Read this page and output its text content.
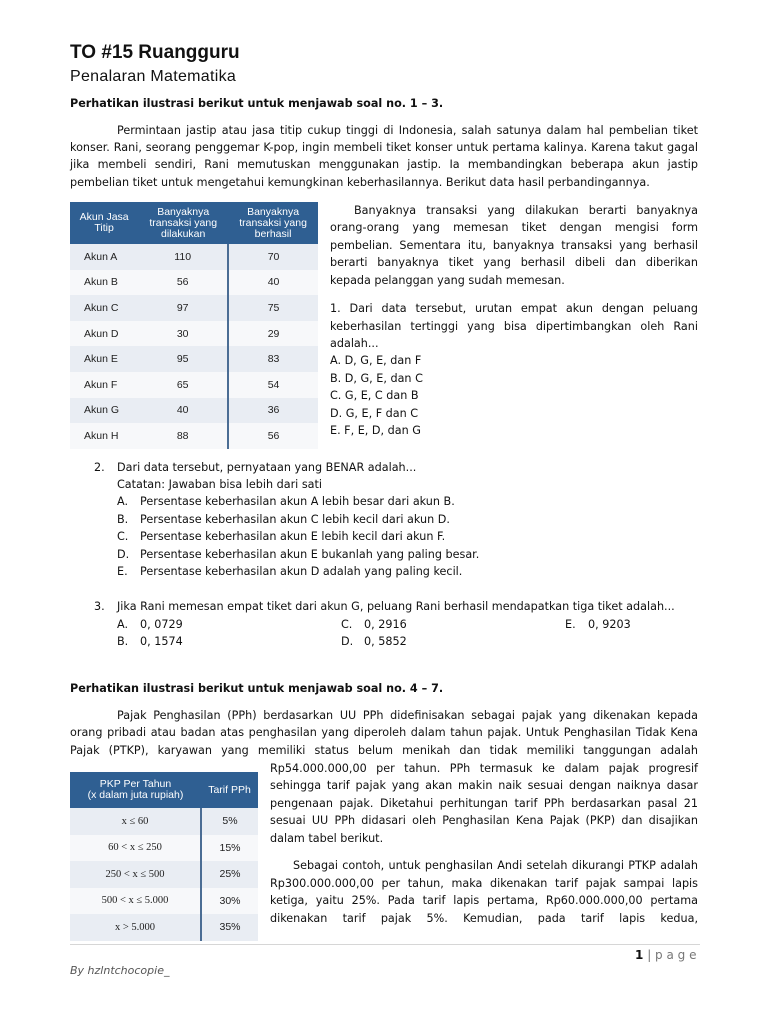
TO #15 Ruangguru
Penalaran Matematika
Perhatikan ilustrasi berikut untuk menjawab soal no. 1 – 3.
Permintaan jastip atau jasa titip cukup tinggi di Indonesia, salah satunya dalam hal pembelian tiket
konser. Rani, seorang penggemar K-pop, ingin membeli tiket konser untuk pertama kalinya. Karena takut gagal
jika membeli sendiri, Rani memutuskan menggunakan jastip. Ia membandingkan beberapa akun jastip
pembelian tiket untuk mengetahui kemungkinan keberhasilannya. Berikut data hasil perbandingannya.
Akun Jasa Titip	Banyaknya transaksi yang dilakukan	Banyaknya transaksi yang berhasil
Akun A	110	70
Akun B	56	40
Akun C	97	75
Akun D	30	29
Akun E	95	83
Akun F	65	54
Akun G	40	36
Akun H	88	56
Banyaknya transaksi yang dilakukan berarti banyaknya
orang-orang yang memesan tiket dengan mengisi form
pembelian. Sementara itu, banyaknya transaksi yang berhasil
berarti banyaknya tiket yang berhasil dibeli dan diberikan
kepada pelanggan yang sudah memesan.
1. Dari data tersebut, urutan empat akun dengan peluang
keberhasilan tertinggi yang bisa dipertimbangkan oleh Rani
adalah...
A. D, G, E, dan F
B. D, G, E, dan C
C. G, E, C dan B
D. G, E, F dan C
E. F, E, D, dan G
2. Dari data tersebut, pernyataan yang BENAR adalah...
Catatan: Jawaban bisa lebih dari sati
A. Persentase keberhasilan akun A lebih besar dari akun B.
B. Persentase keberhasilan akun C lebih kecil dari akun D.
C. Persentase keberhasilan akun E lebih kecil dari akun F.
D. Persentase keberhasilan akun E bukanlah yang paling besar.
E. Persentase keberhasilan akun D adalah yang paling kecil.
3. Jika Rani memesan empat tiket dari akun G, peluang Rani berhasil mendapatkan tiga tiket adalah...
A. 0, 0729
B. 0, 1574
C. 0, 2916
D. 0, 5852
E. 0, 9203
Perhatikan ilustrasi berikut untuk menjawab soal no. 4 – 7.
Pajak Penghasilan (PPh) berdasarkan UU PPh didefinisakan sebagai pajak yang dikenakan kepada
orang pribadi atau badan atas penghasilan yang diperoleh dalam tahun pajak. Untuk Penghasilan Tidak Kena
Pajak (PTKP), karyawan yang memiliki status belum menikah dan tidak memiliki tanggungan adalah
PKP Per Tahun
(x dalam juta rupiah)	Tarif PPh
x ≤ 60	5%
60 < x ≤ 250	15%
250 < x ≤ 500	25%
500 < x ≤ 5.000	30%
x > 5.000	35%
Rp54.000.000,00 per tahun. PPh termasuk ke dalam pajak progresif
sehingga tarif pajak yang akan makin naik sesuai dengan naiknya dasar
pengenaan pajak. Diketahui perhitungan tarif PPh berdasarkan pasal 21
sesuai UU PPh didasari oleh Penghasilan Kena Pajak (PKP) dan disajikan
dalam tabel berikut.
Sebagai contoh, untuk penghasilan Andi setelah dikurangi PTKP adalah
Rp300.000.000,00 per tahun, maka dikenakan tarif pajak sampai lapis
ketiga, yaitu 25%. Pada tarif lapis pertama, Rp60.000.000,00 pertama
dikenakan tarif pajak 5%. Kemudian, pada tarif lapis kedua,
1 | p a g e
By hzlntchocopie_
